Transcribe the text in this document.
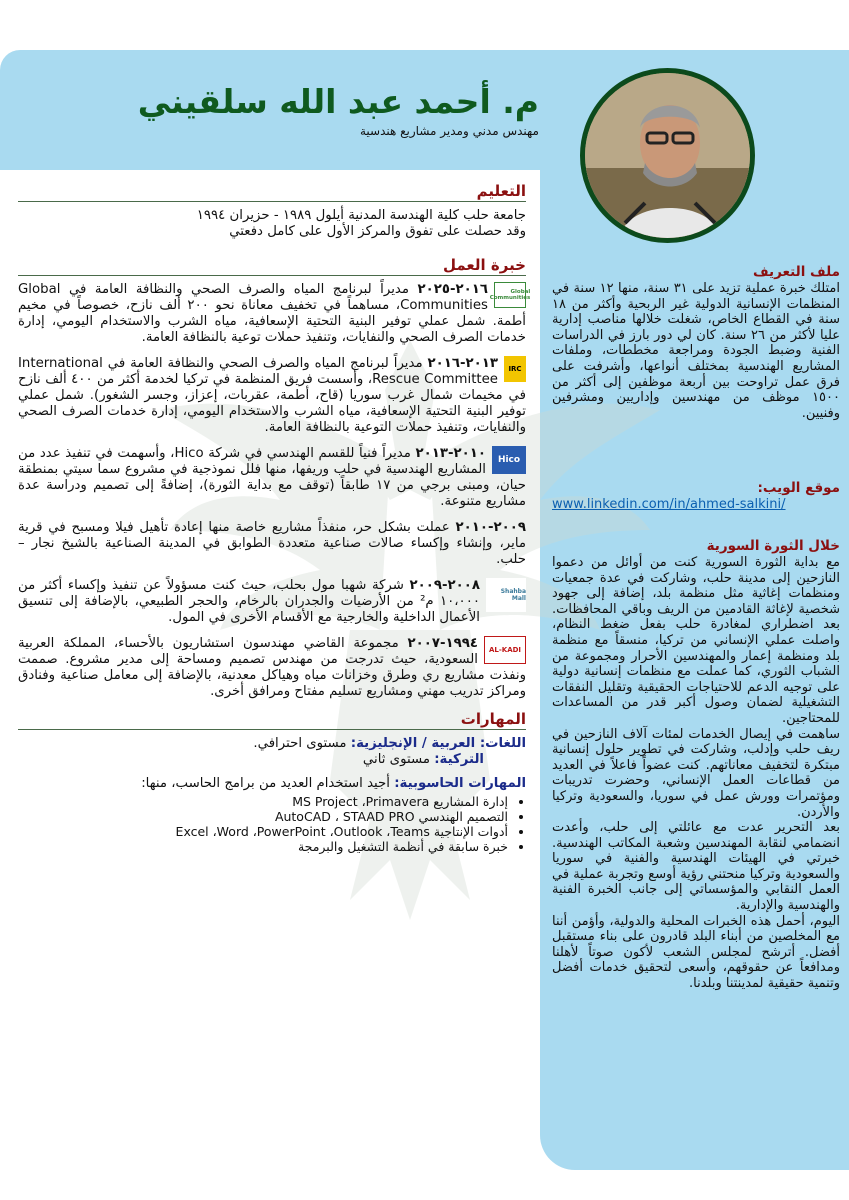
م. أحمد عبد الله سلقيني
مهندس مدني ومدير مشاريع هندسية
التعليم

جامعة حلب كلية الهندسة المدنية أيلول ١٩٨٩ - حزيران ١٩٩٤

وقد حصلت على تفوق والمركز الأول على كامل دفعتي

خبرة العمل
Global Communities

٢٠١٦-٢٠٢٥ مديراً لبرنامج المياه والصرف الصحي والنظافة العامة في Global Communities، مساهماً في تخفيف معاناة نحو ٢٠٠ ألف نازح، خصوصاً في مخيم أطمة. شمل عملي توفير البنية التحتية الإسعافية، مياه الشرب والاستخدام اليومي، إدارة خدمات الصرف الصحي والنفايات، وتنفيذ حملات توعية بالنظافة العامة.

IRC

٢٠١٣-٢٠١٦ مديراً لبرنامج المياه والصرف الصحي والنظافة العامة في International Rescue Committee، وأسست فريق المنظمة في تركيا لخدمة أكثر من ٤٠٠ ألف نازح في مخيمات شمال غرب سوريا (قاح، أطمة، عقربات، إعزاز، وجسر الشغور). شمل عملي توفير البنية التحتية الإسعافية، مياه الشرب والاستخدام اليومي، إدارة خدمات الصرف الصحي والنفايات، وتنفيذ حملات التوعية بالنظافة العامة.

Hico

٢٠١٠-٢٠١٣ مديراً فنياً للقسم الهندسي في شركة Hico، وأسهمت في تنفيذ عدد من المشاريع الهندسية في حلب وريفها، منها فلل نموذجية في مشروع سما سيتي بمنطقة حيان، ومبنى برجي من ١٧ طابقاً (توقف مع بداية الثورة)، إضافةً إلى تصميم ودراسة عدة مشاريع متنوعة.

٢٠٠٩-٢٠١٠ عملت بشكل حر، منفذاً مشاريع خاصة منها إعادة تأهيل فيلا ومسبح في قرية ماير، وإنشاء وإكساء صالات صناعية متعددة الطوابق في المدينة الصناعية بالشيخ نجار – حلب.

Shahba Mall

٢٠٠٨-٢٠٠٩ شركة شهبا مول بحلب، حيث كنت مسؤولاً عن تنفيذ وإكساء أكثر من ١٠،٠٠٠ م² من الأرضيات والجدران بالرخام، والحجر الطبيعي، بالإضافة إلى تنسيق الأعمال الداخلية والخارجية مع الأقسام الأخرى في المول.

AL-KADI

١٩٩٤-٢٠٠٧ مجموعة القاضي مهندسون استشاريون بالأحساء، المملكة العربية السعودية، حيث تدرجت من مهندس تصميم ومساحة إلى مدير مشروع. صممت ونفذت مشاريع ري وطرق وخزانات مياه وهياكل معدنية، بالإضافة إلى معامل صناعية وفنادق ومراكز تدريب مهني ومشاريع تسليم مفتاح ومرافق أخرى.

المهارات

اللغات: العربية / الإنجليزية: مستوى احترافي.

التركية: مستوى ثاني

المهارات الحاسوبية: أجيد استخدام العديد من برامج الحاسب، منها:

• إدارة المشاريع MS Project ،Primavera
• التصميم الهندسي AutoCAD ، STAAD PRO
• أدوات الإنتاجية Excel ،Word ،PowerPoint ،Outlook ،Teams
• خبرة سابقة في أنظمة التشغيل والبرمجة
ملف التعريف

امتلك خبرة عملية تزيد على ٣١ سنة، منها ١٢ سنة في المنظمات الإنسانية الدولية غير الربحية وأكثر من ١٨ سنة في القطاع الخاص، شغلت خلالها مناصب إدارية عليا لأكثر من ٢٦ سنة. كان لي دور بارز في الدراسات الفنية وضبط الجودة ومراجعة مخططات، وملفات المشاريع الهندسية بمختلف أنواعها، وأشرفت على فرق عمل تراوحت بين أربعة موظفين إلى أكثر من ١٥٠٠ موظف من مهندسين وإداريين ومشرفين وفنيين.

موقع الويب:
www.linkedin.com/in/ahmed-salkini/
خلال الثورة السورية

مع بداية الثورة السورية كنت من أوائل من دعموا النازحين إلى مدينة حلب، وشاركت في عدة جمعيات ومنظمات إغاثية مثل منظمة بلد، إضافة إلى جهود شخصية لإغاثة القادمين من الريف وباقي المحافظات. بعد اضطراري لمغادرة حلب بفعل ضغط النظام، واصلت عملي الإنساني من تركيا، منسقاً مع منظمة بلد ومنظمة إعمار والمهندسين الأحرار ومجموعة من الشباب الثوري، كما عملت مع منظمات إنسانية دولية على توجيه الدعم للاحتياجات الحقيقية وتقليل النفقات التشغيلية لضمان وصول أكبر قدر من المساعدات للمحتاجين.

ساهمت في إيصال الخدمات لمئات آلاف النازحين في ريف حلب وإدلب، وشاركت في تطوير حلول إنسانية مبتكرة لتخفيف معاناتهم. كنت عضواً فاعلاً في العديد من قطاعات العمل الإنساني، وحضرت تدريبات ومؤتمرات وورش عمل في سوريا، والسعودية وتركيا والأردن.

بعد التحرير عدت مع عائلتي إلى حلب، وأعدت انضمامي لنقابة المهندسين وشعبة المكاتب الهندسية. خبرتي في الهيئات الهندسية والفنية في سوريا والسعودية وتركيا منحتني رؤية أوسع وتجربة عملية في العمل النقابي والمؤسساتي إلى جانب الخبرة الفنية والهندسية والإدارية.

اليوم، أحمل هذه الخبرات المحلية والدولية، وأؤمن أننا مع المخلصين من أبناء البلد قادرون على بناء مستقبل أفضل. أترشح لمجلس الشعب لأكون صوتاً لأهلنا ومدافعاً عن حقوقهم، وأسعى لتحقيق خدمات أفضل وتنمية حقيقية لمدينتنا وبلدنا.
